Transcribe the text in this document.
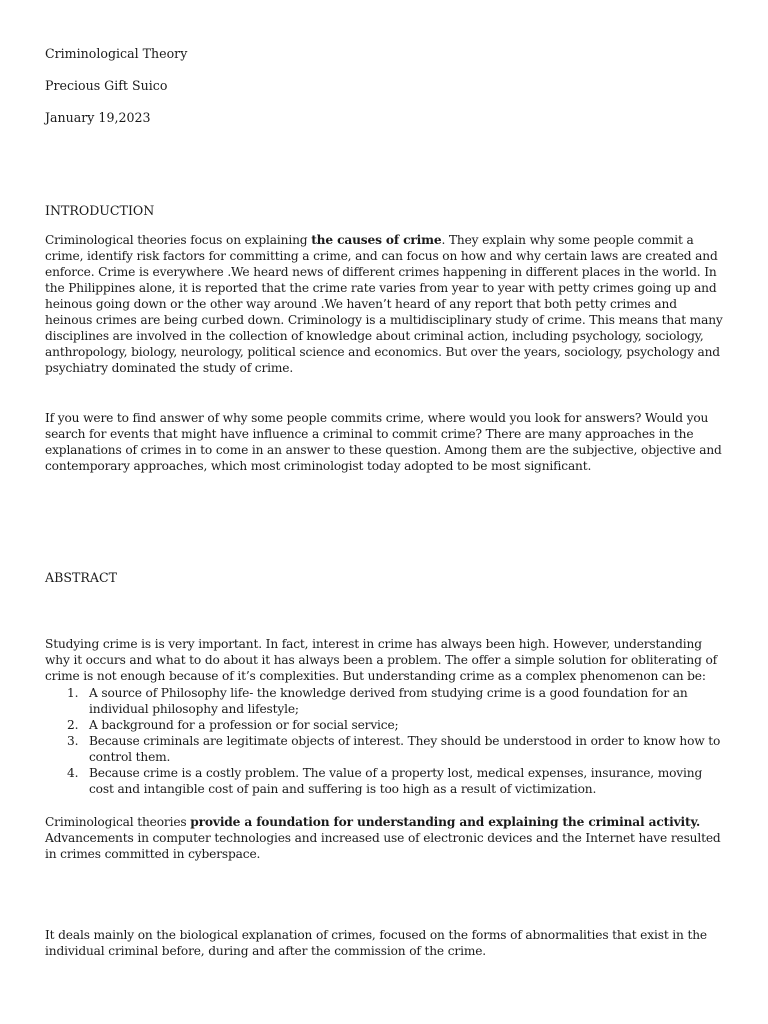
Criminological Theory
Precious Gift Suico
January 19,2023
INTRODUCTION

Criminological theories focus on explaining the causes of crime. They explain why some people commit a crime, identify risk factors for committing a crime, and can focus on how and why certain laws are created and enforce. Crime is everywhere .We heard news of different crimes happening in different places in the world. In the Philippines alone, it is reported that the crime rate varies from year to year with petty crimes going up and heinous going down or the other way around .We haven’t heard of any report that both petty crimes and heinous crimes are being curbed down. Criminology is a multidisciplinary study of crime. This means that many disciplines are involved in the collection of knowledge about criminal action, including psychology, sociology, anthropology, biology, neurology, political science and economics. But over the years, sociology, psychology and psychiatry dominated the study of crime.

If you were to find answer of why some people commits crime, where would you look for answers? Would you search for events that might have influence a criminal to commit crime? There are many approaches in the explanations of crimes in to come in an answer to these question. Among them are the subjective, objective and contemporary approaches, which most criminologist today adopted to be most significant.

ABSTRACT

Studying crime is is very important. In fact, interest in crime has always been high. However, understanding why it occurs and what to do about it has always been a problem. The offer a simple solution for obliterating of crime is not enough because of it’s complexities. But understanding crime as a complex phenomenon can be:

1. A source of Philosophy life- the knowledge derived from studying crime is a good foundation for an individual philosophy and lifestyle;
2. A background for a profession or for social service;
3. Because criminals are legitimate objects of interest. They should be understood in order to know how to control them.
4. Because crime is a costly problem. The value of a property lost, medical expenses, insurance, moving cost and intangible cost of pain and suffering is too high as a result of victimization.

Criminological theories provide a foundation for understanding and explaining the criminal activity. Advancements in computer technologies and increased use of electronic devices and the Internet have resulted in crimes committed in cyberspace.

It deals mainly on the biological explanation of crimes, focused on the forms of abnormalities that exist in the individual criminal before, during and after the commission of the crime.
